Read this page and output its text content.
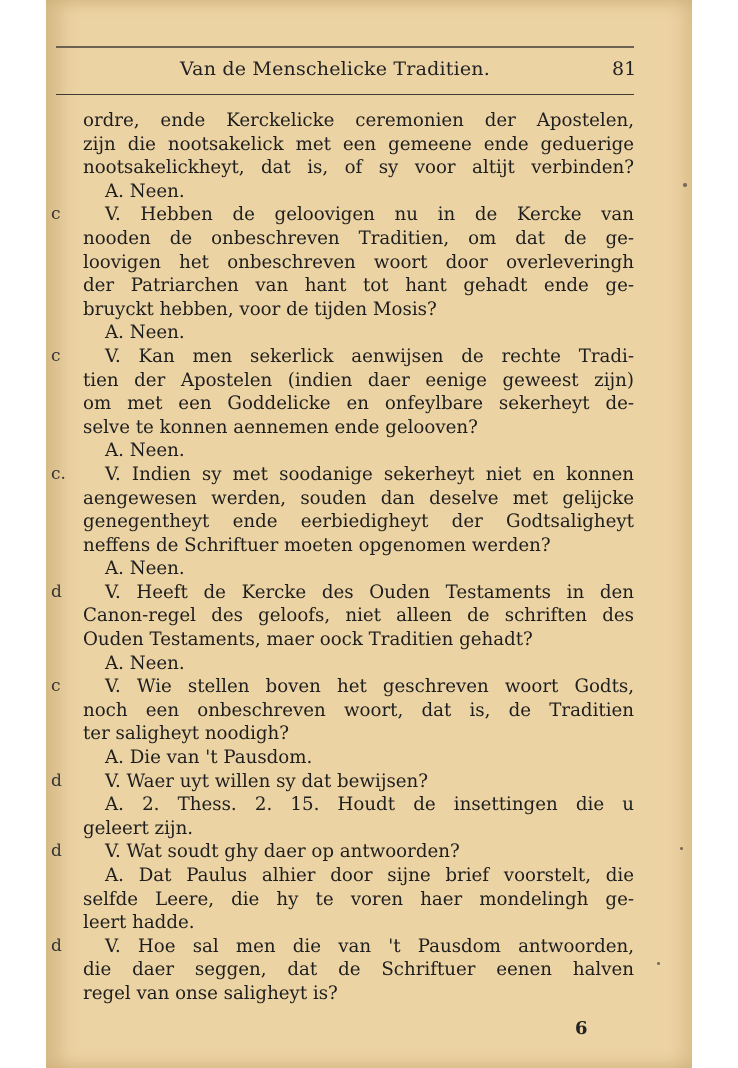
Van de Menschelicke Traditien.	81
ordre, ende Kerckelicke ceremonien der Apostelen,
zijn die nootsakelick met een gemeene ende geduerige
nootsakelickheyt, dat is, of sy voor altijt verbinden?
A. Neen.
c V. Hebben de geloovigen nu in de Kercke van
nooden de onbeschreven Traditien, om dat de ge-
loovigen het onbeschreven woort door overleveringh
der Patriarchen van hant tot hant gehadt ende ge-
bruyckt hebben, voor de tijden Mosis?
A. Neen.
c V. Kan men sekerlick aenwijsen de rechte Tradi-
tien der Apostelen (indien daer eenige geweest zijn)
om met een Goddelicke en onfeylbare sekerheyt de-
selve te konnen aennemen ende gelooven?
A. Neen.
c. V. Indien sy met soodanige sekerheyt niet en konnen
aengewesen werden, souden dan deselve met gelijcke
genegentheyt ende eerbiedigheyt der Godtsaligheyt
neffens de Schriftuer moeten opgenomen werden?
A. Neen.
d V. Heeft de Kercke des Ouden Testaments in den
Canon-regel des geloofs, niet alleen de schriften des
Ouden Testaments, maer oock Traditien gehadt?
A. Neen.
c V. Wie stellen boven het geschreven woort Godts,
noch een onbeschreven woort, dat is, de Traditien
ter saligheyt noodigh?
A. Die van 't Pausdom.
d V. Waer uyt willen sy dat bewijsen?
A. 2. Thess. 2. 15. Houdt de insettingen die u
geleert zijn.
d V. Wat soudt ghy daer op antwoorden?
A. Dat Paulus alhier door sijne brief voorstelt, die
selfde Leere, die hy te voren haer mondelingh ge-
leert hadde.
d V. Hoe sal men die van 't Pausdom antwoorden,
die daer seggen, dat de Schriftuer eenen halven
regel van onse saligheyt is?
6
